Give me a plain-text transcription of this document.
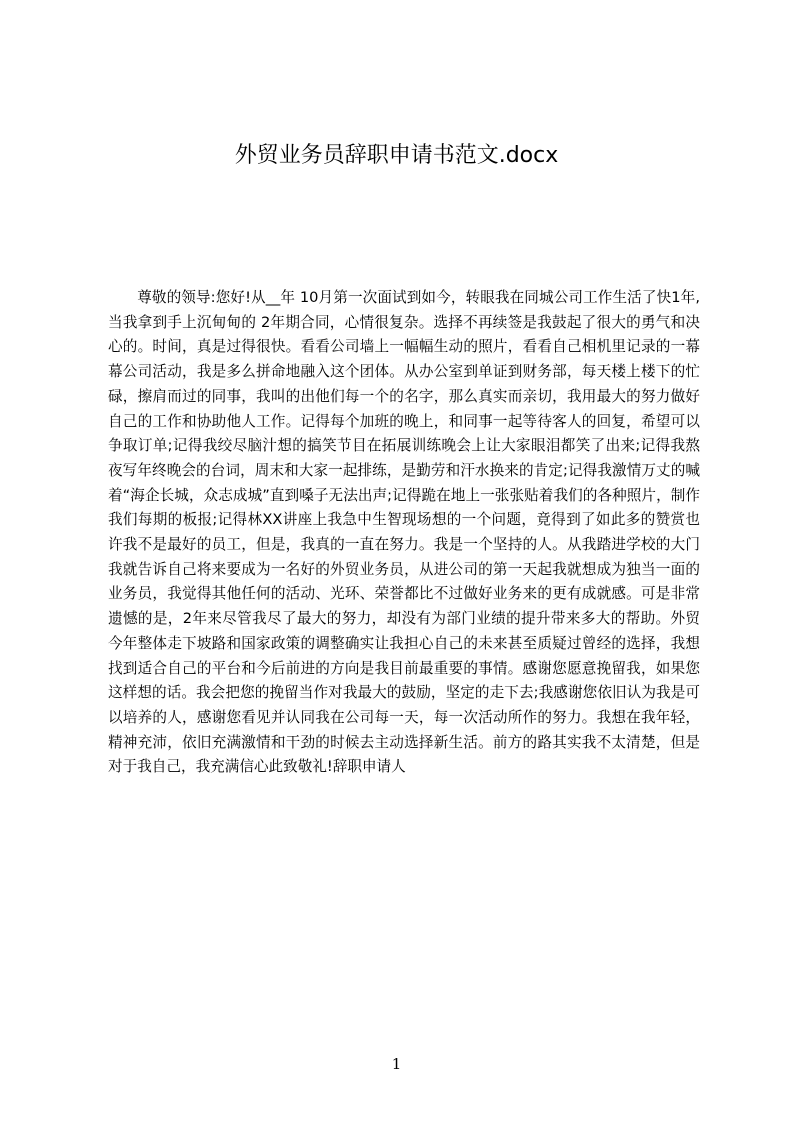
外贸业务员辞职申请书范文.docx

尊敬的领导:您好!从__年 10月第一次面试到如今，转眼我在同城公司工作生活了快1年,当我拿到手上沉甸甸的 2年期合同，心情很复杂。选择不再续签是我鼓起了很大的勇气和决心的。时间，真是过得很快。看看公司墙上一幅幅生动的照片，看看自己相机里记录的一幕幕公司活动，我是多么拼命地融入这个团体。从办公室到单证到财务部，每天楼上楼下的忙碌，擦肩而过的同事，我叫的出他们每一个的名字，那么真实而亲切，我用最大的努力做好自己的工作和协助他人工作。记得每个加班的晚上，和同事一起等待客人的回复，希望可以争取订单;记得我绞尽脑汁想的搞笑节目在拓展训练晚会上让大家眼泪都笑了出来;记得我熬夜写年终晚会的台词，周末和大家一起排练，是勤劳和汗水换来的肯定;记得我激情万丈的喊着“海企长城，众志成城”直到嗓子无法出声;记得跪在地上一张张贴着我们的各种照片，制作我们每期的板报;记得林XX讲座上我急中生智现场想的一个问题，竟得到了如此多的赞赏也许我不是最好的员工，但是，我真的一直在努力。我是一个坚持的人。从我踏进学校的大门我就告诉自己将来要成为一名好的外贸业务员，从进公司的第一天起我就想成为独当一面的业务员，我觉得其他任何的活动、光环、荣誉都比不过做好业务来的更有成就感。可是非常遗憾的是，2年来尽管我尽了最大的努力，却没有为部门业绩的提升带来多大的帮助。外贸今年整体走下坡路和国家政策的调整确实让我担心自己的未来甚至质疑过曾经的选择，我想找到适合自己的平台和今后前进的方向是我目前最重要的事情。感谢您愿意挽留我，如果您这样想的话。我会把您的挽留当作对我最大的鼓励，坚定的走下去;我感谢您依旧认为我是可以培养的人，感谢您看见并认同我在公司每一天，每一次活动所作的努力。我想在我年轻，精神充沛，依旧充满激情和干劲的时候去主动选择新生活。前方的路其实我不太清楚，但是对于我自己，我充满信心此致敬礼!辞职申请人

1
